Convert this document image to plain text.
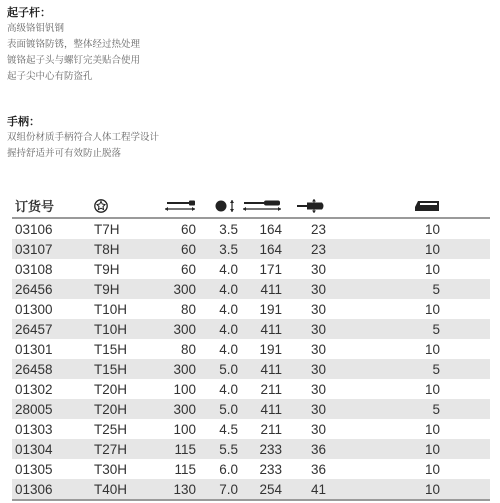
起子杆：
高级铬钼钒钢
表面镀铬防锈，整体经过热处理
镀铬起子头与螺钉完美贴合使用
起子尖中心有防盗孔
手柄：
双组份材质手柄符合人体工程学设计
握持舒适并可有效防止脱落
订货号						
03106	T7H	60	3.5	164	23	10
03107	T8H	60	3.5	164	23	10
03108	T9H	60	4.0	171	30	10
26456	T9H	300	4.0	411	30	5
01300	T10H	80	4.0	191	30	10
26457	T10H	300	4.0	411	30	5
01301	T15H	80	4.0	191	30	10
26458	T15H	300	5.0	411	30	5
01302	T20H	100	4.0	211	30	10
28005	T20H	300	5.0	411	30	5
01303	T25H	100	4.5	211	30	10
01304	T27H	115	5.5	233	36	10
01305	T30H	115	6.0	233	36	10
01306	T40H	130	7.0	254	41	10
